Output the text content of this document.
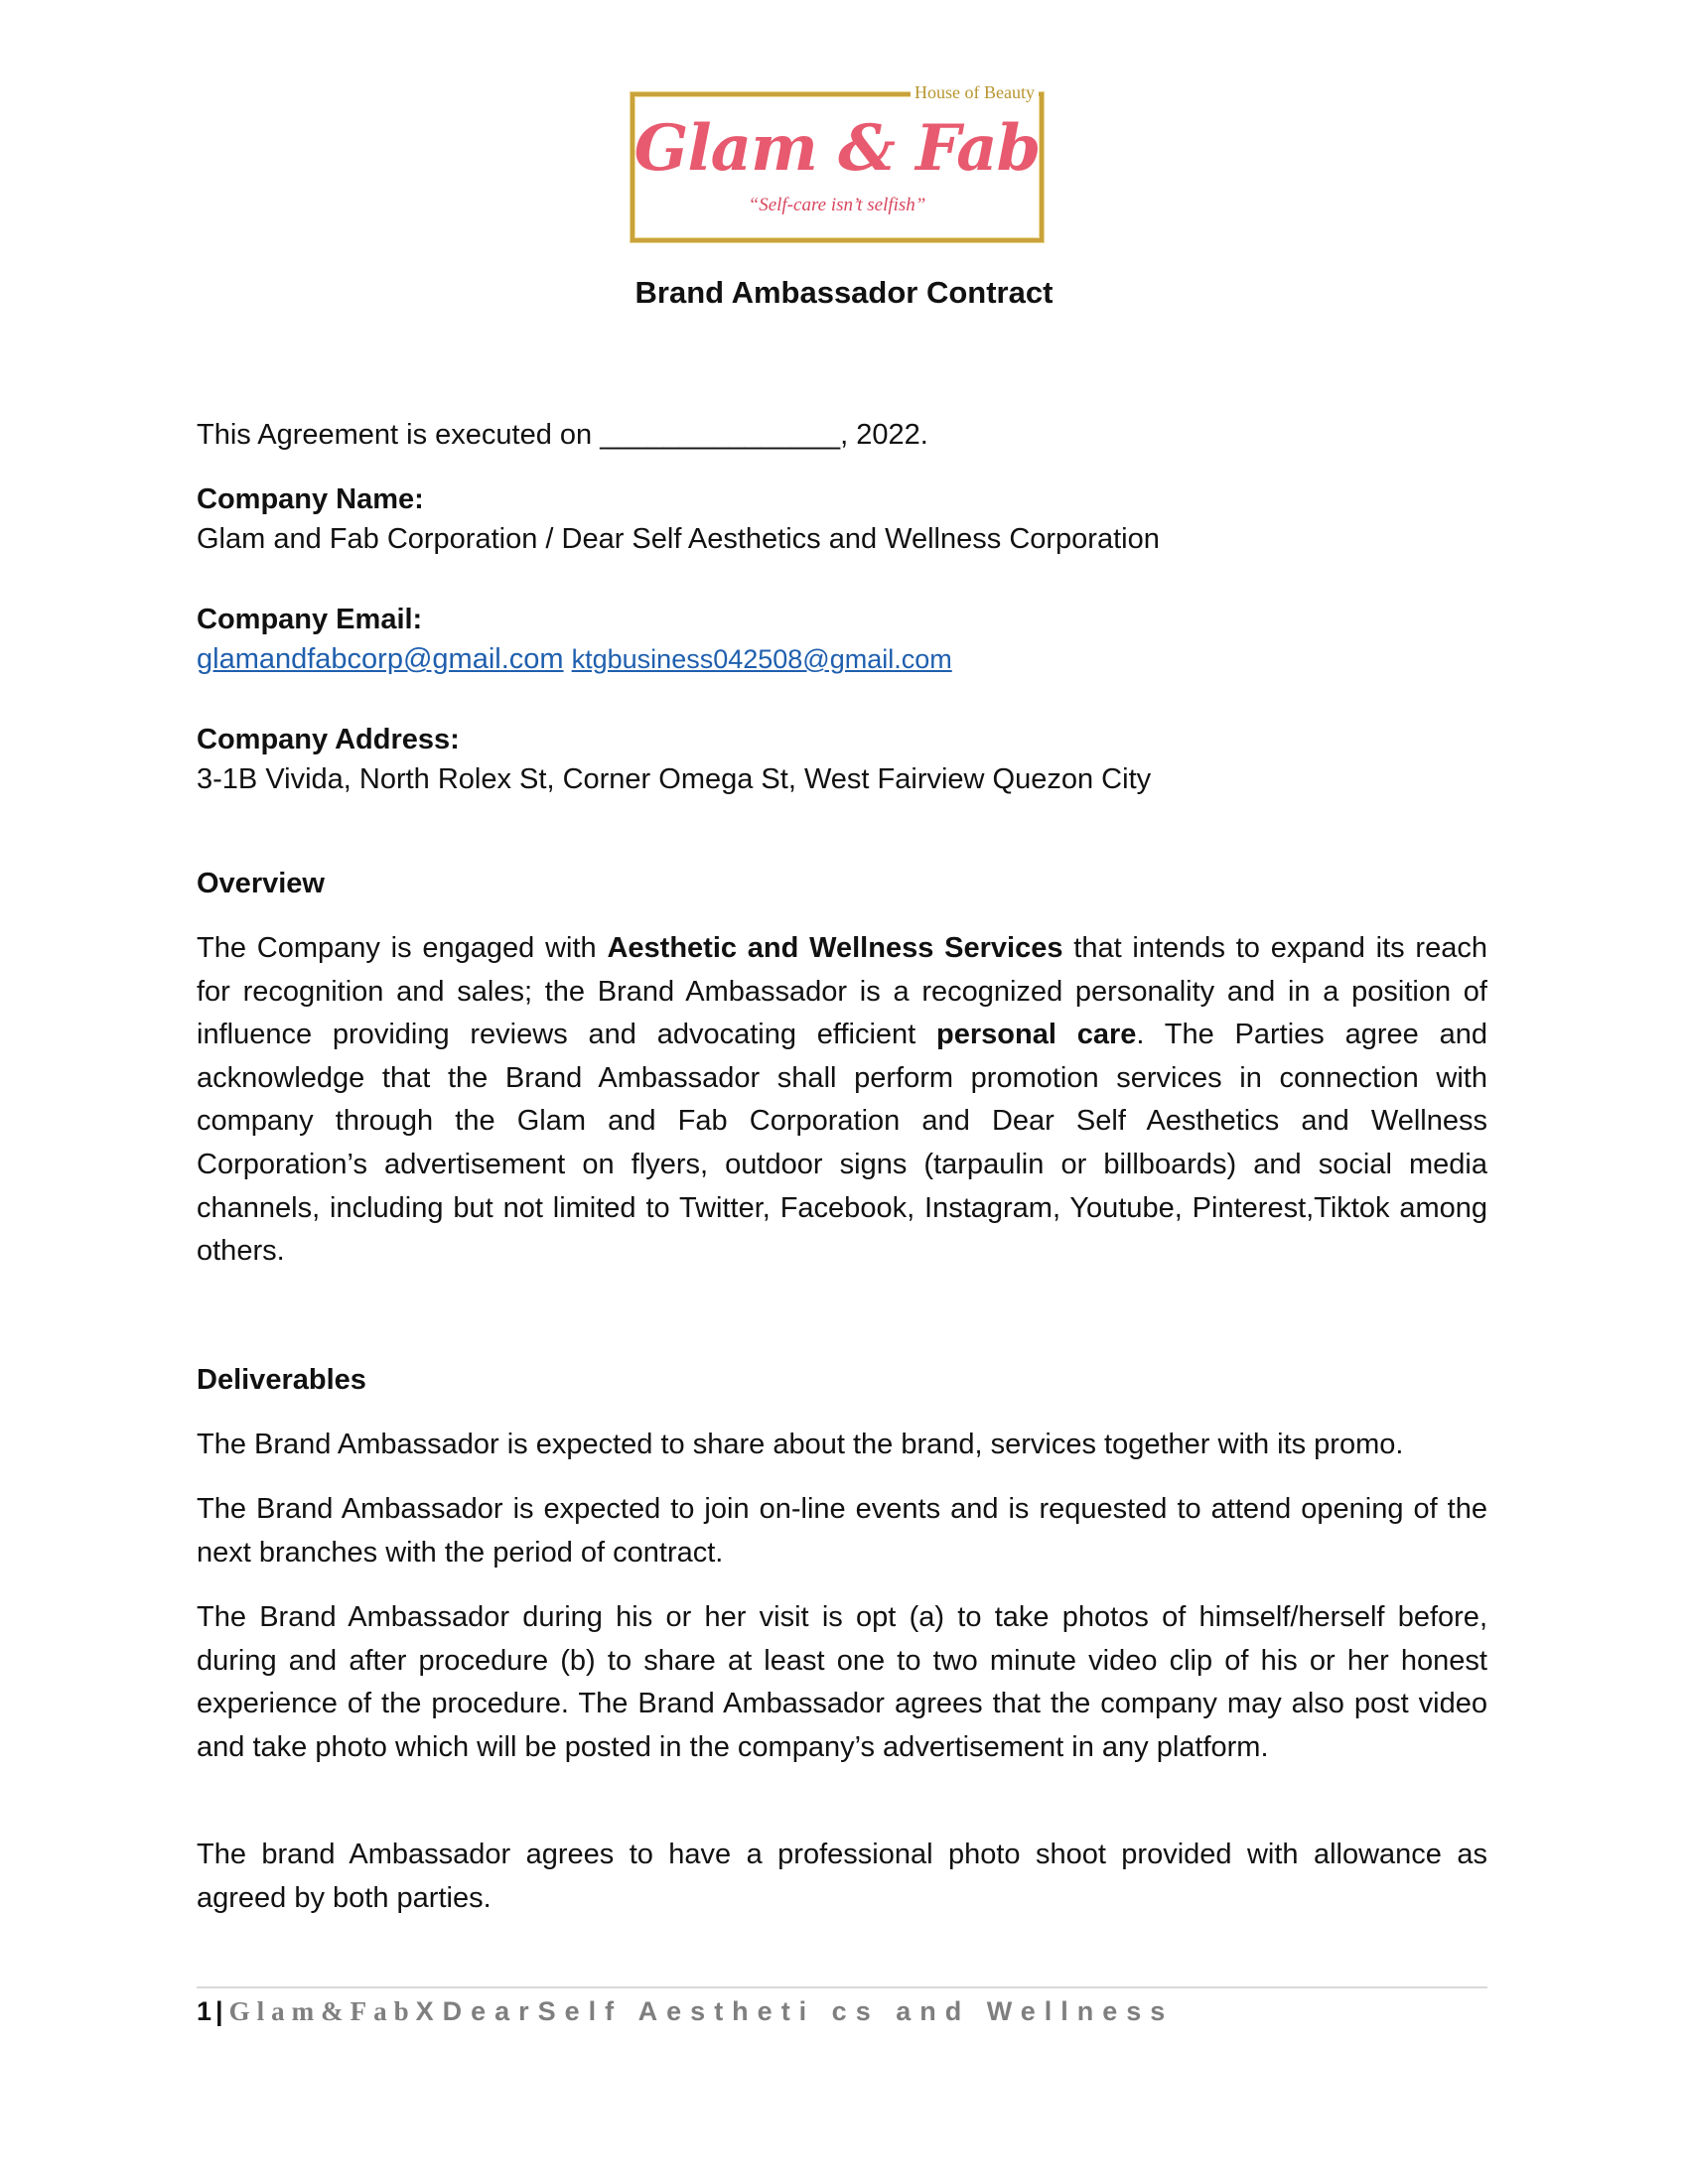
House of Beauty
Glam & Fab
“Self-care isn’t selfish”
Brand Ambassador Contract
This Agreement is executed on _______________, 2022.
Company Name:
Glam and Fab Corporation / Dear Self Aesthetics and Wellness Corporation
Company Email:
glamandfabcorp@gmail.com ktgbusiness042508@gmail.com
Company Address:
3-1B Vivida, North Rolex St, Corner Omega St, West Fairview Quezon City
Overview
The Company is engaged with Aesthetic and Wellness Services that intends to expand its reach for recognition and sales; the Brand Ambassador is a recognized personality and in a position of influence providing reviews and advocating efficient personal care. The Parties agree and acknowledge that the Brand Ambassador shall perform promotion services in connection with company through the Glam and Fab Corporation and Dear Self Aesthetics and Wellness Corporation’s advertisement on flyers, outdoor signs (tarpaulin or billboards) and social media channels, including but not limited to Twitter, Facebook, Instagram, Youtube, Pinterest,Tiktok among others.
Deliverables
The Brand Ambassador is expected to share about the brand, services together with its promo.
The Brand Ambassador is expected to join on-line events and is requested to attend opening of the next branches with the period of contract.
The Brand Ambassador during his or her visit is opt (a) to take photos of himself/herself before, during and after procedure (b) to share at least one to two minute video clip of his or her honest experience of the procedure. The Brand Ambassador agrees that the company may also post video and take photo which will be posted in the company’s advertisement in any platform.
The brand Ambassador agrees to have a professional photo shoot provided with allowance as agreed by both parties.
1 | Glam&FabXDearSelf Aestheti cs and Wellness
